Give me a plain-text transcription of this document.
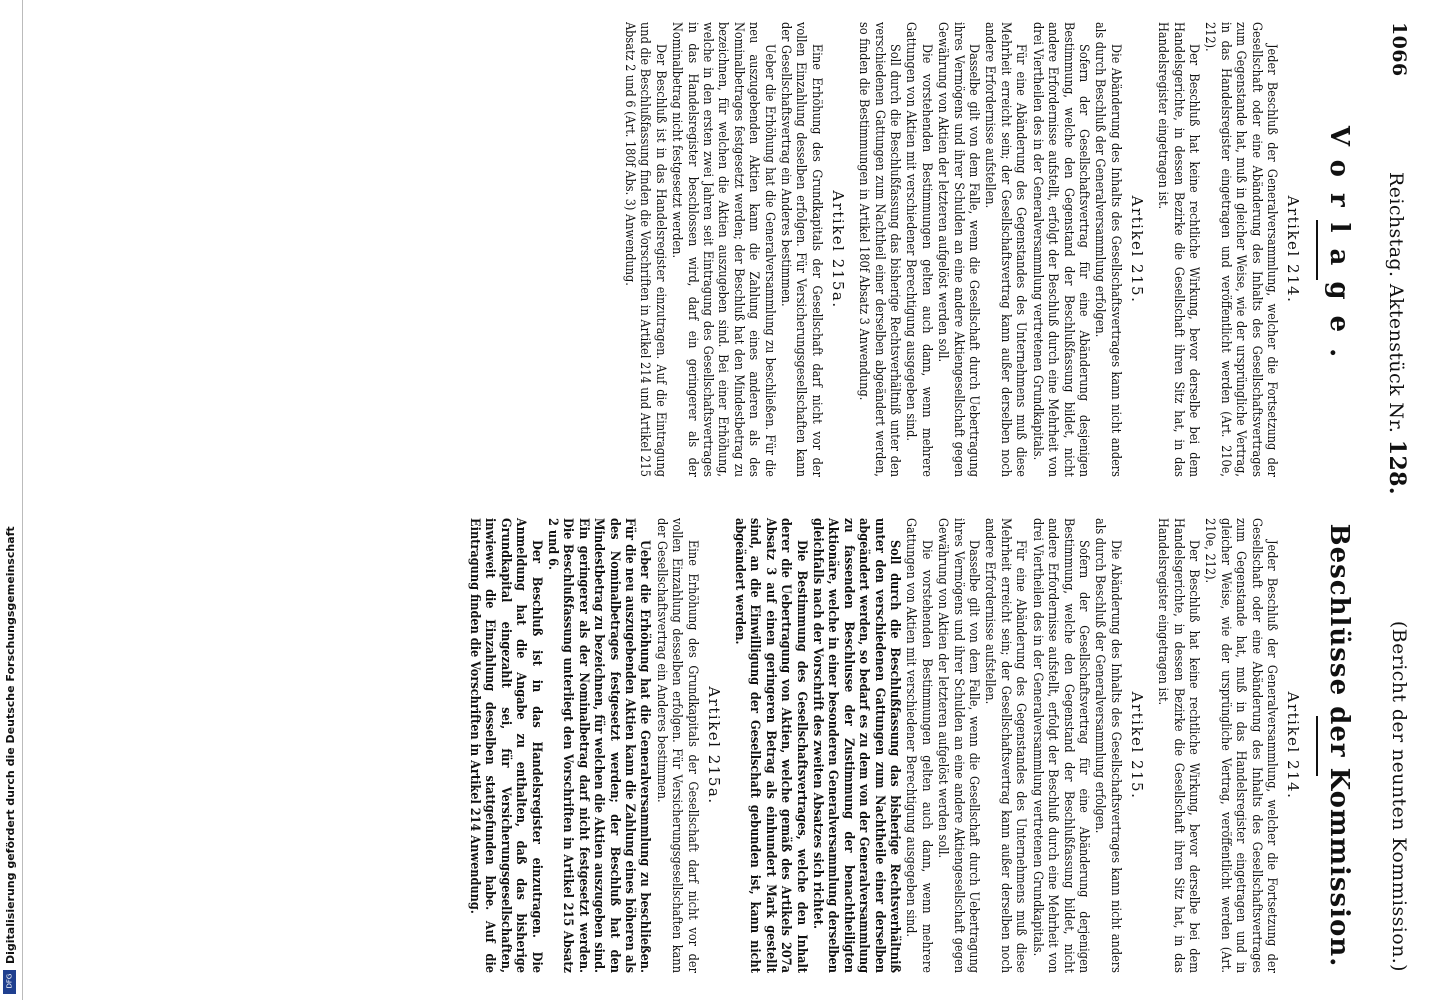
1066
Reichstag. Aktenstück Nr. 128.
(Bericht der neunten Kommission.)
Vorlage.
Artikel 214.

Jeder Beschluß der Generalversammlung, welcher die Fortsetzung der Gesellschaft oder eine Abänderung des Inhalts des Gesellschaftsvertrages zum Gegenstande hat, muß in gleicher Weise, wie der ursprüngliche Vertrag, in das Handelsregister eingetragen und veröffentlicht werden (Art. 210e, 212).

Der Beschluß hat keine rechtliche Wirkung, bevor derselbe bei dem Handelsgerichte, in dessen Bezirke die Gesellschaft ihren Sitz hat, in das Handelsregister eingetragen ist.

Artikel 215.

Die Abänderung des Inhalts des Gesellschaftsvertrages kann nicht anders als durch Beschluß der Generalversammlung erfolgen.

Sofern der Gesellschaftsvertrag für eine Abänderung desjenigen Bestimmung, welche den Gegenstand der Beschlußfassung bildet, nicht andere Erfordernisse aufstellt, erfolgt der Beschluß durch eine Mehrheit von drei Viertheilen des in der Generalversammlung vertretenen Grundkapitals.

Für eine Abänderung des Gegenstandes des Unternehmens muß diese Mehrheit erreicht sein; der Gesellschaftsvertrag kann außer derselben noch andere Erfordernisse aufstellen.

Dasselbe gilt von dem Falle, wenn die Gesellschaft durch Uebertragung ihres Vermögens und ihrer Schulden an eine andere Aktiengesellschaft gegen Gewährung von Aktien der letzteren aufgelöst werden soll.

Die vorstehenden Bestimmungen gelten auch dann, wenn mehrere Gattungen von Aktien mit verschiedener Berechtigung ausgegeben sind.

Soll durch die Beschlußfassung das bisherige Rechtsverhältniß unter den verschiedenen Gattungen zum Nachtheil einer derselben abgeändert werden, so finden die Bestimmungen in Artikel 180f Absatz 3 Anwendung.

Artikel 215a.

Eine Erhöhung des Grundkapitals der Gesellschaft darf nicht vor der vollen Einzahlung desselben erfolgen. Für Versicherungsgesellschaften kann der Gesellschaftsvertrag ein Anderes bestimmen.

Ueber die Erhöhung hat die Generalversammlung zu beschließen. Für die neu auszugebenden Aktien kann die Zahlung eines anderen als des Nominalbetrages festgesetzt werden; der Beschluß hat den Mindestbetrag zu bezeichnen, für welchen die Aktien auszugeben sind. Bei einer Erhöhung, welche in den ersten zwei Jahren seit Eintragung des Gesellschaftsvertrages in das Handelsregister beschlossen wird, darf ein geringerer als der Nominalbetrag nicht festgesetzt werden.

Der Beschluß ist in das Handelsregister einzutragen. Auf die Eintragung und die Beschlußfassung finden die Vorschriften in Artikel 214 und Artikel 215 Absatz 2 und 6 (Art. 180f Abs. 3) Anwendung.

Beschlüsse der Kommission.
Artikel 214.

Jeder Beschluß der Generalversammlung, welcher die Fortsetzung der Gesellschaft oder eine Abänderung des Inhalts des Gesellschaftsvertrages zum Gegenstande hat, muß in das Handelsregister eingetragen und in gleicher Weise, wie der ursprüngliche Vertrag, veröffentlicht werden (Art. 210e, 212).

Der Beschluß hat keine rechtliche Wirkung, bevor derselbe bei dem Handelsgerichte, in dessen Bezirke die Gesellschaft ihren Sitz hat, in das Handelsregister eingetragen ist.

Artikel 215.

Die Abänderung des Inhalts des Gesellschaftsvertrages kann nicht anders als durch Beschluß der Generalversammlung erfolgen.

Sofern der Gesellschaftsvertrag für eine Abänderung derjenigen Bestimmung, welche den Gegenstand der Beschlußfassung bildet, nicht andere Erfordernisse aufstellt, erfolgt der Beschluß durch eine Mehrheit von drei Viertheilen des in der Generalversammlung vertretenen Grundkapitals.

Für eine Abänderung des Gegenstandes des Unternehmens muß diese Mehrheit erreicht sein; der Gesellschaftsvertrag kann außer derselben noch andere Erfordernisse aufstellen.

Dasselbe gilt von dem Falle, wenn die Gesellschaft durch Uebertragung ihres Vermögens und ihrer Schulden an eine andere Aktiengesellschaft gegen Gewährung von Aktien der letzteren aufgelöst werden soll.

Die vorstehenden Bestimmungen gelten auch dann, wenn mehrere Gattungen von Aktien mit verschiedener Berechtigung ausgegeben sind.

Soll durch die Beschlußfassung das bisherige Rechtsverhältniß unter den verschiedenen Gattungen zum Nachtheile einer derselben abgeändert werden, so bedarf es zu dem von der Generalversammlung zu fassenden Beschlusse der Zustimmung der benachtheiligten Aktionäre, welche in einer besonderen Generalversammlung derselben gleichfalls nach der Vorschrift des zweiten Absatzes sich richtet.

Die Bestimmung des Gesellschaftsvertrages, welche den Inhalt derer die Uebertragung von Aktien, welche gemäß des Artikels 207a Absatz 3 auf einen geringeren Betrag als einhundert Mark gestellt sind, an die Einwilligung der Gesellschaft gebunden ist, kann nicht abgeändert werden.

Artikel 215a.

Eine Erhöhung des Grundkapitals der Gesellschaft darf nicht vor der vollen Einzahlung desselben erfolgen. Für Versicherungsgesellschaften kann der Gesellschaftsvertrag ein Anderes bestimmen.

Ueber die Erhöhung hat die Generalversammlung zu beschließen. Für die neu auszugebenden Aktien kann die Zahlung eines höheren als des Nominalbetrages festgesetzt werden; der Beschluß hat den Mindestbetrag zu bezeichnen, für welchen die Aktien auszugeben sind. Ein geringerer als der Nominalbetrag darf nicht festgesetzt werden. Die Beschlußfassung unterliegt den Vorschriften in Artikel 215 Absatz 2 und 6.

Der Beschluß ist in das Handelsregister einzutragen. Die Anmeldung hat die Angabe zu enthalten, daß das bisherige Grundkapital eingezahlt sei, für Versicherungsgesellschaften, inwieweit die Einzahlung desselben stattgefunden habe. Auf die Eintragung finden die Vorschriften in Artikel 214 Anwendung.

Digitalisierung gefördert durch die Deutsche Forschungsgemeinschaft
DFG
